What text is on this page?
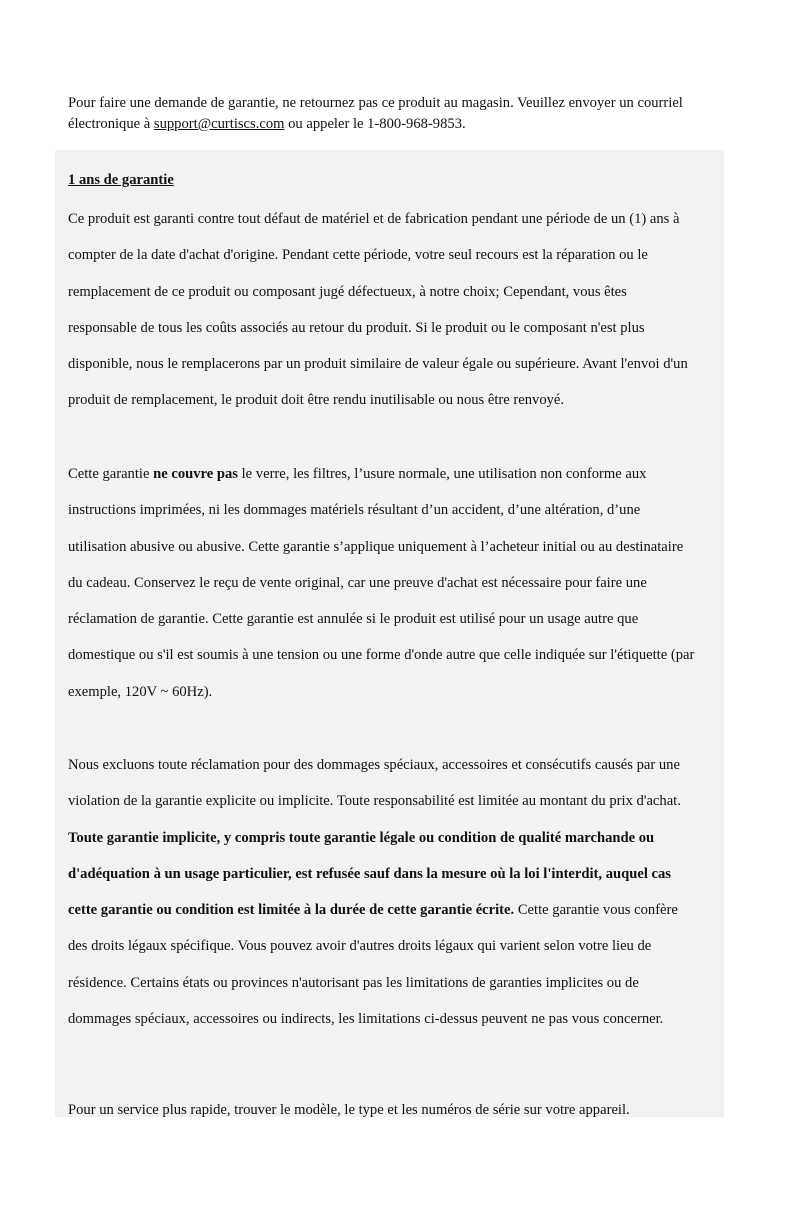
Pour faire une demande de garantie, ne retournez pas ce produit au magasin. Veuillez envoyer un courriel électronique à support@curtiscs.com ou appeler le 1-800-968-9853.

1 ans de garantie

Ce produit est garanti contre tout défaut de matériel et de fabrication pendant une période de un (1) ans à
compter de la date d'achat d'origine. Pendant cette période, votre seul recours est la réparation ou le
remplacement de ce produit ou composant jugé défectueux, à notre choix; Cependant, vous êtes
responsable de tous les coûts associés au retour du produit. Si le produit ou le composant n'est plus
disponible, nous le remplacerons par un produit similaire de valeur égale ou supérieure. Avant l'envoi d'un
produit de remplacement, le produit doit être rendu inutilisable ou nous être renvoyé.

Cette garantie ne couvre pas le verre, les filtres, l’usure normale, une utilisation non conforme aux
instructions imprimées, ni les dommages matériels résultant d’un accident, d’une altération, d’une
utilisation abusive ou abusive. Cette garantie s’applique uniquement à l’acheteur initial ou au destinataire
du cadeau. Conservez le reçu de vente original, car une preuve d'achat est nécessaire pour faire une
réclamation de garantie. Cette garantie est annulée si le produit est utilisé pour un usage autre que
domestique ou s'il est soumis à une tension ou une forme d'onde autre que celle indiquée sur l'étiquette (par
exemple, 120V ~ 60Hz).

Nous excluons toute réclamation pour des dommages spéciaux, accessoires et consécutifs causés par une
violation de la garantie explicite ou implicite. Toute responsabilité est limitée au montant du prix d'achat.
Toute garantie implicite, y compris toute garantie légale ou condition de qualité marchande ou
d'adéquation à un usage particulier, est refusée sauf dans la mesure où la loi l'interdit, auquel cas
cette garantie ou condition est limitée à la durée de cette garantie écrite. Cette garantie vous confère
des droits légaux spécifique. Vous pouvez avoir d'autres droits légaux qui varient selon votre lieu de
résidence. Certains états ou provinces n'autorisant pas les limitations de garanties implicites ou de
dommages spéciaux, accessoires ou indirects, les limitations ci-dessus peuvent ne pas vous concerner.

Pour un service plus rapide, trouver le modèle, le type et les numéros de série sur votre appareil.
